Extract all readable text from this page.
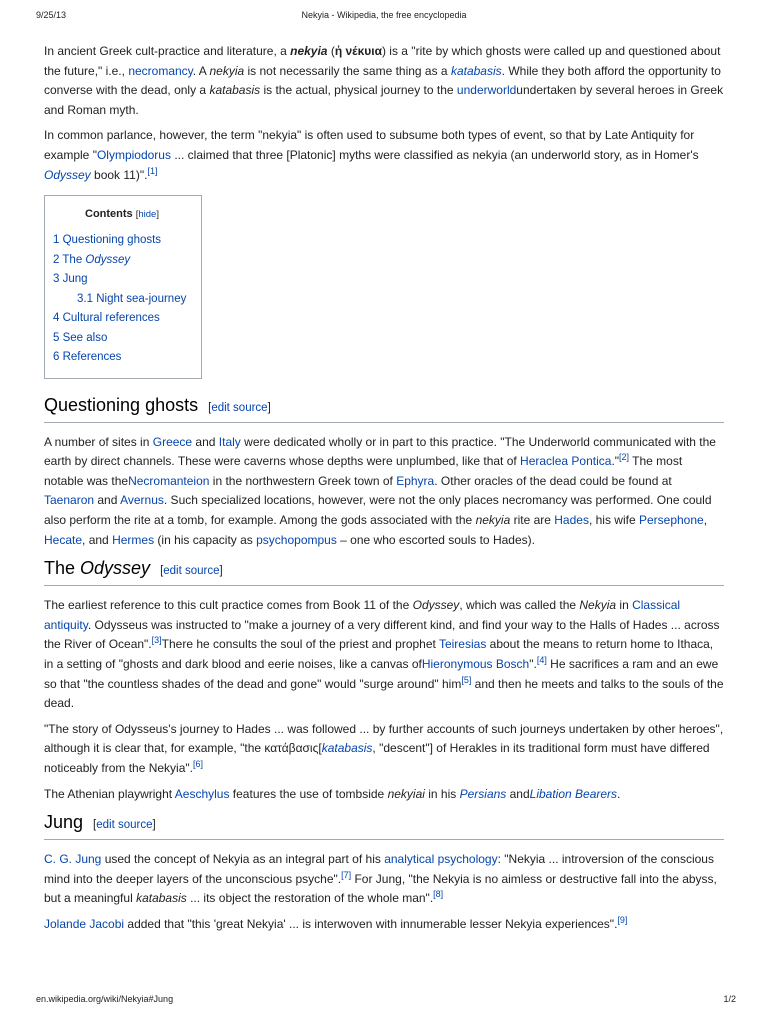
9/25/13	Nekyia - Wikipedia, the free encyclopedia

In ancient Greek cult-practice and literature, a nekyia (ἡ νέκυια) is a "rite by which ghosts were called up and questioned about the future," i.e., necromancy. A nekyia is not necessarily the same thing as a katabasis. While they both afford the opportunity to converse with the dead, only a katabasis is the actual, physical journey to the underworldundertaken by several heroes in Greek and Roman myth.

In common parlance, however, the term "nekyia" is often used to subsume both types of event, so that by Late Antiquity for example "Olympiodorus ... claimed that three [Platonic] myths were classified as nekyia (an underworld story, as in Homer's Odyssey book 11)".[1]

Contents [hide]
1 Questioning ghosts
2 The Odyssey
3 Jung
3.1 Night sea-journey
4 Cultural references
5 See also
6 References
Questioning ghosts [edit source]

A number of sites in Greece and Italy were dedicated wholly or in part to this practice. "The Underworld communicated with the earth by direct channels. These were caverns whose depths were unplumbed, like that of Heraclea Pontica."[2] The most notable was theNecromanteion in the northwestern Greek town of Ephyra. Other oracles of the dead could be found at Taenaron and Avernus. Such specialized locations, however, were not the only places necromancy was performed. One could also perform the rite at a tomb, for example. Among the gods associated with the nekyia rite are Hades, his wife Persephone, Hecate, and Hermes (in his capacity as psychopompus – one who escorted souls to Hades).

The Odyssey [edit source]

The earliest reference to this cult practice comes from Book 11 of the Odyssey, which was called the Nekyia in Classical antiquity. Odysseus was instructed to "make a journey of a very different kind, and find your way to the Halls of Hades ... across the River of Ocean".[3]There he consults the soul of the priest and prophet Teiresias about the means to return home to Ithaca, in a setting of "ghosts and dark blood and eerie noises, like a canvas ofHieronymous Bosch".[4] He sacrifices a ram and an ewe so that "the countless shades of the dead and gone" would "surge around" him[5] and then he meets and talks to the souls of the dead.

"The story of Odysseus's journey to Hades ... was followed ... by further accounts of such journeys undertaken by other heroes", although it is clear that, for example, "the κατάβασις[katabasis, "descent"] of Herakles in its traditional form must have differed noticeably from the Nekyia".[6]

The Athenian playwright Aeschylus features the use of tombside nekyiai in his Persians andLibation Bearers.

Jung [edit source]

C. G. Jung used the concept of Nekyia as an integral part of his analytical psychology: "Nekyia ... introversion of the conscious mind into the deeper layers of the unconscious psyche".[7] For Jung, "the Nekyia is no aimless or destructive fall into the abyss, but a meaningful katabasis ... its object the restoration of the whole man".[8]

Jolande Jacobi added that "this 'great Nekyia' ... is interwoven with innumerable lesser Nekyia experiences".[9]

en.wikipedia.org/wiki/Nekyia#Jung	1/2
